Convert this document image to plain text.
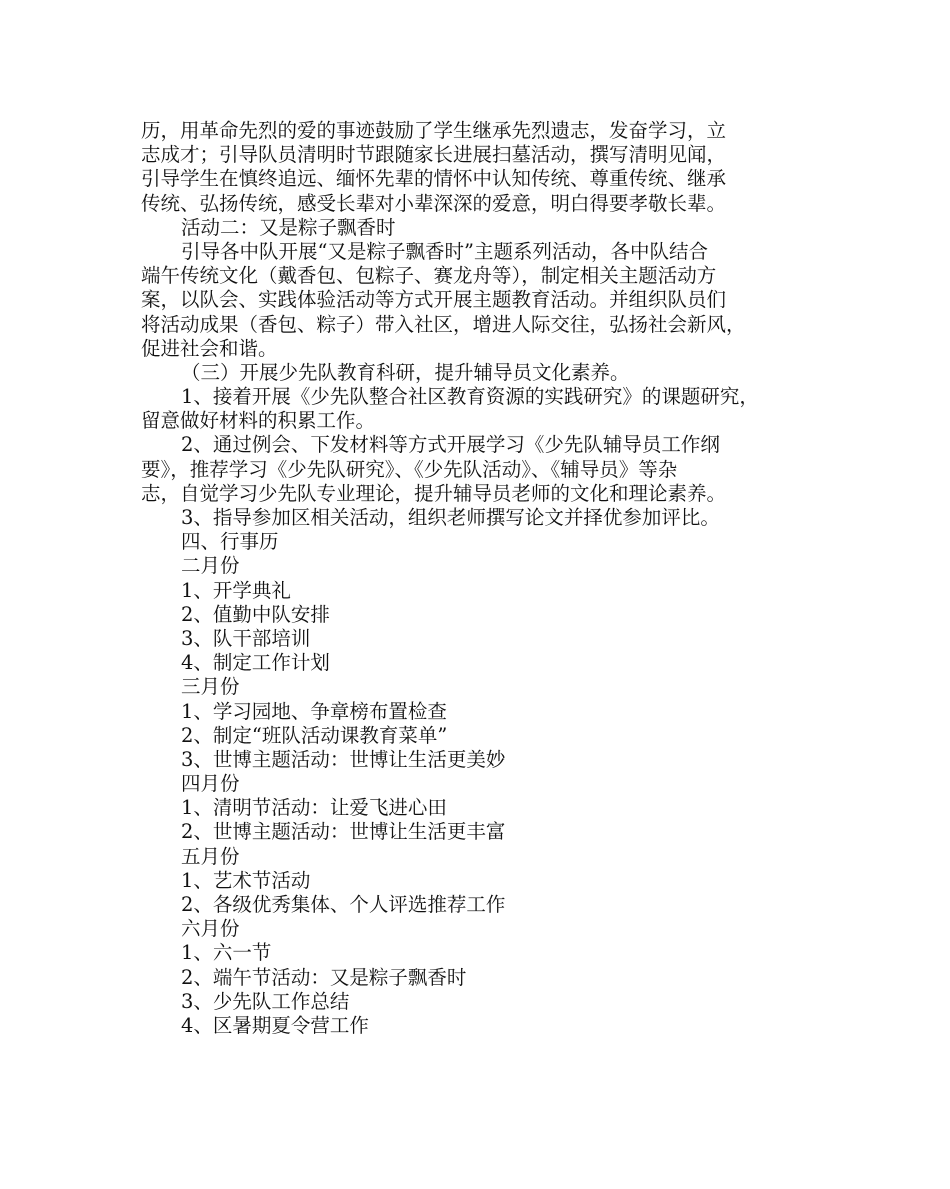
历，用革命先烈的爱的事迹鼓励了学生继承先烈遗志，发奋学习，立
志成才；引导队员清明时节跟随家长进展扫墓活动，撰写清明见闻，
引导学生在慎终追远、缅怀先辈的情怀中认知传统、尊重传统、继承
传统、弘扬传统，感受长辈对小辈深深的爱意，明白得要孝敬长辈。
活动二：又是粽子飘香时
引导各中队开展“又是粽子飘香时”主题系列活动，各中队结合
端午传统文化（戴香包、包粽子、赛龙舟等），制定相关主题活动方
案，以队会、实践体验活动等方式开展主题教育活动。并组织队员们
将活动成果（香包、粽子）带入社区，增进人际交往，弘扬社会新风，
促进社会和谐。
（三）开展少先队教育科研，提升辅导员文化素养。
1、接着开展《少先队整合社区教育资源的实践研究》的课题研究，
留意做好材料的积累工作。
2、通过例会、下发材料等方式开展学习《少先队辅导员工作纲
要》，推荐学习《少先队研究》、《少先队活动》、《辅导员》等杂
志，自觉学习少先队专业理论，提升辅导员老师的文化和理论素养。
3、指导参加区相关活动，组织老师撰写论文并择优参加评比。
四、行事历
二月份
1、开学典礼
2、值勤中队安排
3、队干部培训
4、制定工作计划
三月份
1、学习园地、争章榜布置检查
2、制定“班队活动课教育菜单”
3、世博主题活动：世博让生活更美妙
四月份
1、清明节活动：让爱飞进心田
2、世博主题活动：世博让生活更丰富
五月份
1、艺术节活动
2、各级优秀集体、个人评选推荐工作
六月份
1、六一节
2、端午节活动：又是粽子飘香时
3、少先队工作总结
4、区暑期夏令营工作
